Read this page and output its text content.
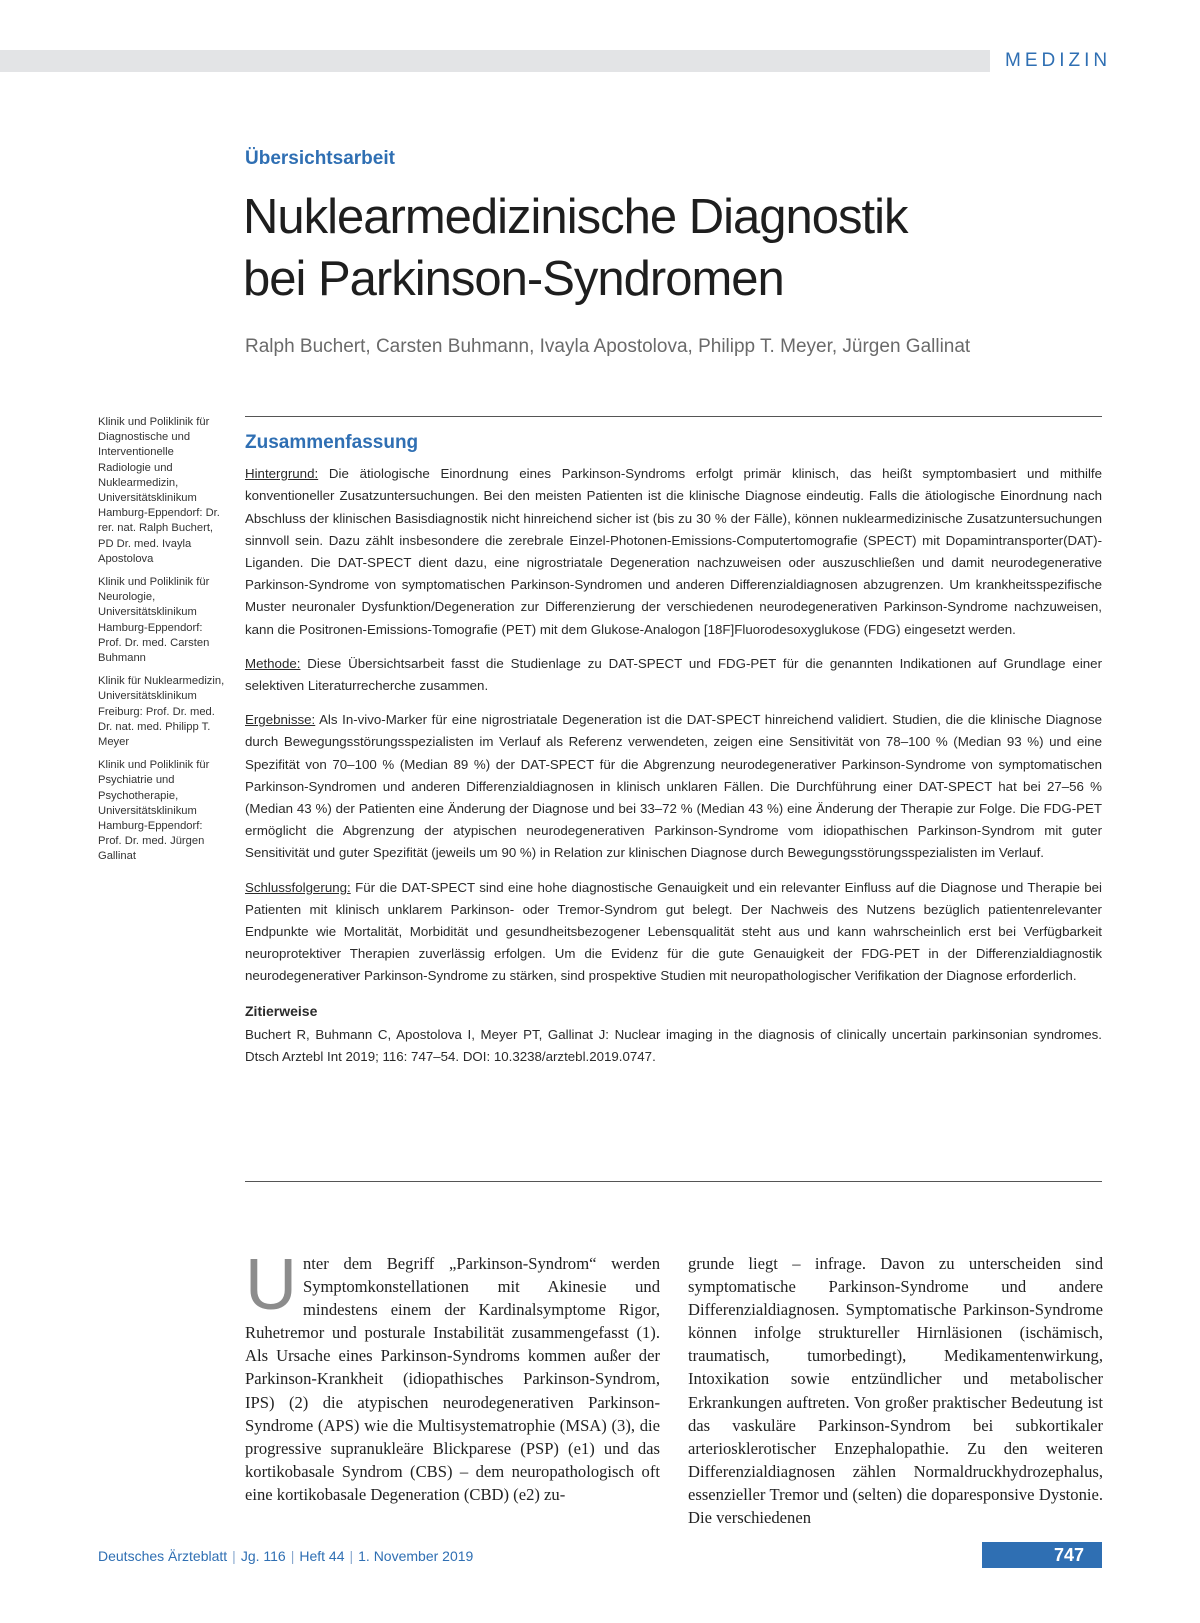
MEDIZIN
Übersichtsarbeit
Nuklearmedizinische Diagnostik
bei Parkinson-Syndromen
Ralph Buchert, Carsten Buhmann, Ivayla Apostolova, Philipp T. Meyer, Jürgen Gallinat

Klinik und Poliklinik für Diagnostische und Interventionelle Radiologie und Nuklearmedizin, Universitätsklinikum Hamburg-Eppendorf: Dr. rer. nat. Ralph Buchert, PD Dr. med. Ivayla Apostolova

Klinik und Poliklinik für Neurologie, Universitätsklinikum Hamburg-Eppendorf: Prof. Dr. med. Carsten Buhmann

Klinik für Nuklearmedizin, Universitätsklinikum Freiburg: Prof. Dr. med. Dr. nat. med. Philipp T. Meyer

Klinik und Poliklinik für Psychiatrie und Psychotherapie, Universitätsklinikum Hamburg-Eppendorf: Prof. Dr. med. Jürgen Gallinat

Zusammenfassung

Hintergrund: Die ätiologische Einordnung eines Parkinson-Syndroms erfolgt primär klinisch, das heißt symptombasiert und mithilfe konventioneller Zusatzuntersuchungen. Bei den meisten Patienten ist die klinische Diagnose eindeutig. Falls die ätiologische Einordnung nach Abschluss der klinischen Basisdiagnostik nicht hinreichend sicher ist (bis zu 30 % der Fälle), können nuklearmedizinische Zusatzuntersuchungen sinnvoll sein. Dazu zählt insbesondere die zerebrale Einzel-Photonen-Emissions-Computertomografie (SPECT) mit Dopamintransporter(DAT)-Liganden. Die DAT-SPECT dient dazu, eine nigrostriatale Degeneration nachzuweisen oder auszuschließen und damit neurodegenerative Parkinson-Syndrome von symptomatischen Parkinson-Syndromen und anderen Differenzialdiagnosen abzugrenzen. Um krankheitsspezifische Muster neuronaler Dysfunktion/Degeneration zur Differenzierung der verschiedenen neurodegenerativen Parkinson-Syndrome nachzuweisen, kann die Positronen-Emissions-Tomografie (PET) mit dem Glukose-Analogon [18F]Fluorodesoxyglukose (FDG) eingesetzt werden.

Methode: Diese Übersichtsarbeit fasst die Studienlage zu DAT-SPECT und FDG-PET für die genannten Indikationen auf Grundlage einer selektiven Literaturrecherche zusammen.

Ergebnisse: Als In-vivo-Marker für eine nigrostriatale Degeneration ist die DAT-SPECT hinreichend validiert. Studien, die die klinische Diagnose durch Bewegungsstörungsspezialisten im Verlauf als Referenz verwendeten, zeigen eine Sensitivität von 78–100 % (Median 93 %) und eine Spezifität von 70–100 % (Median 89 %) der DAT-SPECT für die Abgrenzung neurodegenerativer Parkinson-Syndrome von symptomatischen Parkinson-Syndromen und anderen Differenzialdiagnosen in klinisch unklaren Fällen. Die Durchführung einer DAT-SPECT hat bei 27–56 % (Median 43 %) der Patienten eine Änderung der Diagnose und bei 33–72 % (Median 43 %) eine Änderung der Therapie zur Folge. Die FDG-PET ermöglicht die Abgrenzung der atypischen neurodegenerativen Parkinson-Syndrome vom idiopathischen Parkinson-Syndrom mit guter Sensitivität und guter Spezifität (jeweils um 90 %) in Relation zur klinischen Diagnose durch Bewegungsstörungsspezialisten im Verlauf.

Schlussfolgerung: Für die DAT-SPECT sind eine hohe diagnostische Genauigkeit und ein relevanter Einfluss auf die Diagnose und Therapie bei Patienten mit klinisch unklarem Parkinson- oder Tremor-Syndrom gut belegt. Der Nachweis des Nutzens bezüglich patientenrelevanter Endpunkte wie Mortalität, Morbidität und gesundheitsbezogener Lebensqualität steht aus und kann wahrscheinlich erst bei Verfügbarkeit neuroprotektiver Therapien zuverlässig erfolgen. Um die Evidenz für die gute Genauigkeit der FDG-PET in der Differenzialdiagnostik neurodegenerativer Parkinson-Syndrome zu stärken, sind prospektive Studien mit neuropathologischer Verifikation der Diagnose erforderlich.

Zitierweise

Buchert R, Buhmann C, Apostolova I, Meyer PT, Gallinat J: Nuclear imaging in the diagnosis of clinically uncertain parkinsonian syndromes. Dtsch Arztebl Int 2019; 116: 747–54. DOI: 10.3238/arztebl.2019.0747.

U nter dem Begriff „Parkinson-Syndrom“ werden Symptomkonstellationen mit Akinesie und mindestens einem der Kardinalsymptome Rigor, Ruhetremor und posturale Instabilität zusammengefasst (1). Als Ursache eines Parkinson-Syndroms kommen außer der Parkinson-Krankheit (idiopathisches Parkinson-Syndrom, IPS) (2) die atypischen neurodegenerativen Parkinson-Syndrome (APS) wie die Multisystematrophie (MSA) (3), die progressive supranukleäre Blickparese (PSP) (e1) und das kortikobasale Syndrom (CBS) – dem neuropathologisch oft eine kortikobasale Degeneration (CBD) (e2) zu-

grunde liegt – infrage. Davon zu unterscheiden sind symptomatische Parkinson-Syndrome und andere Differenzialdiagnosen. Symptomatische Parkinson-Syndrome können infolge struktureller Hirnläsionen (ischämisch, traumatisch, tumorbedingt), Medikamentenwirkung, Intoxikation sowie entzündlicher und metabolischer Erkrankungen auftreten. Von großer praktischer Bedeutung ist das vaskuläre Parkinson-Syndrom bei subkortikaler arteriosklerotischer Enzephalopathie. Zu den weiteren Differenzialdiagnosen zählen Normaldruckhydrozephalus, essenzieller Tremor und (selten) die doparesponsive Dystonie. Die verschiedenen

Deutsches Ärzteblatt | Jg. 116 | Heft 44 | 1. November 2019	747
